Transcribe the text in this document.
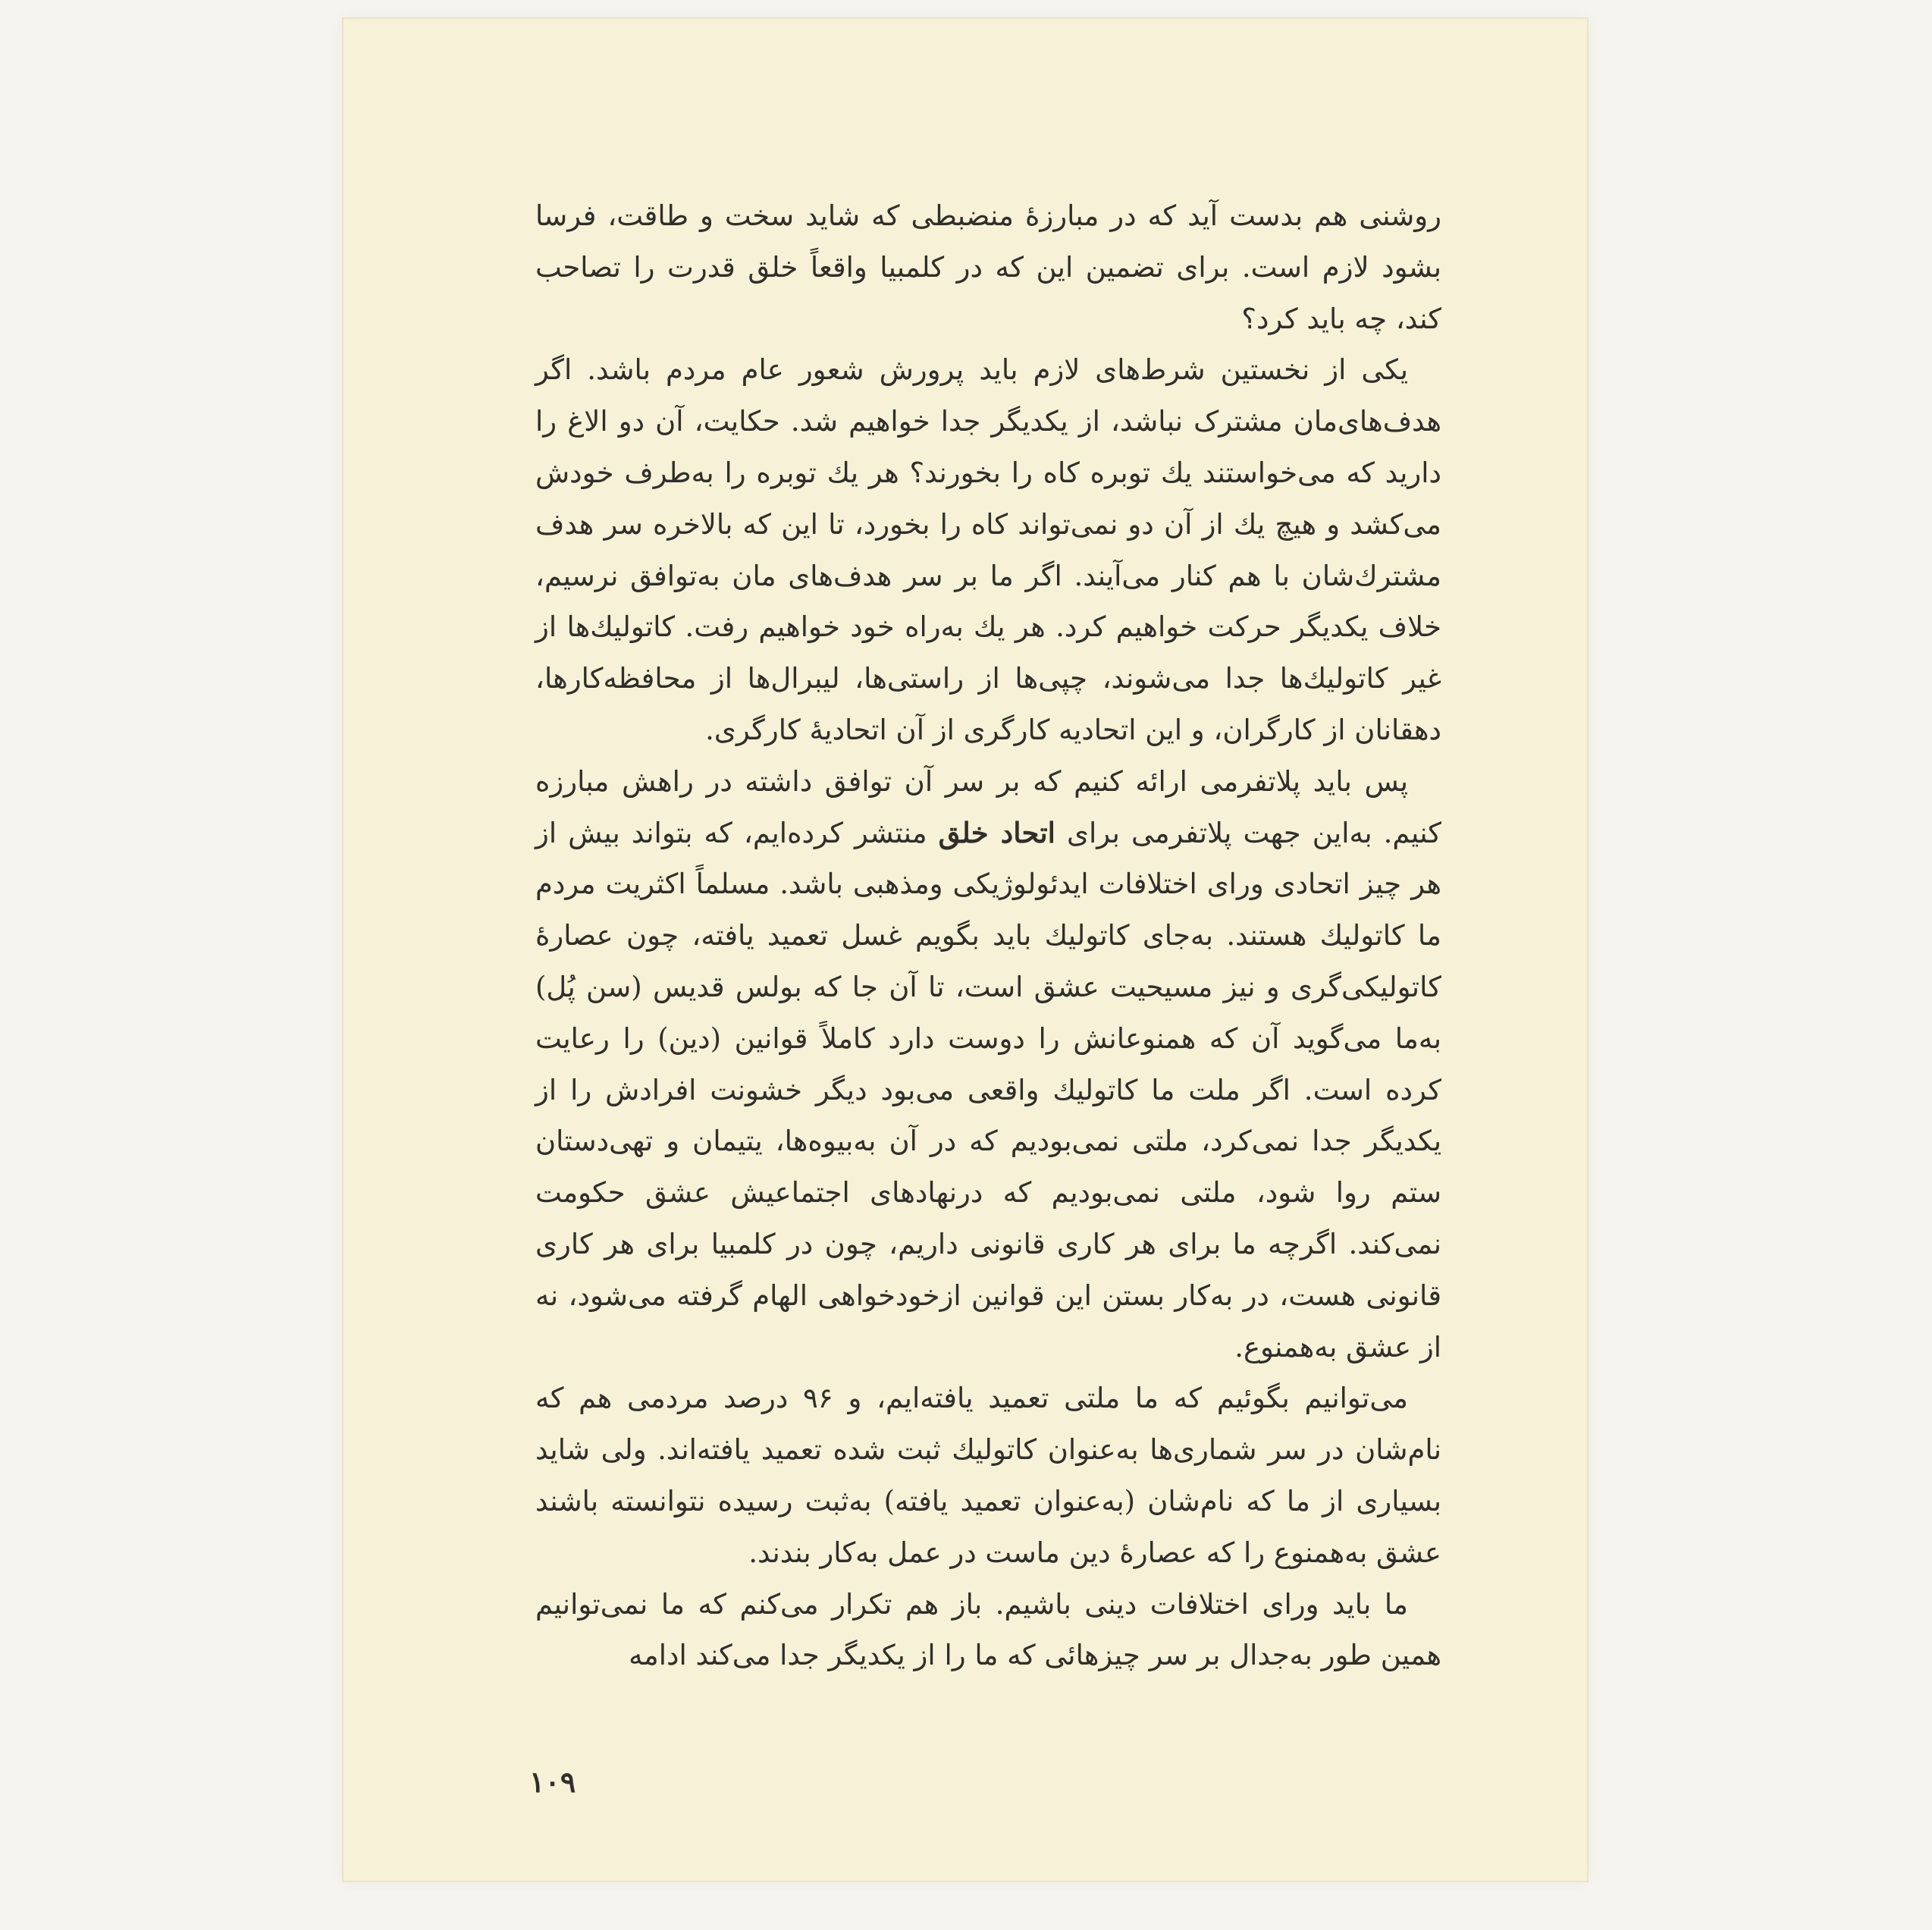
روشنی هم بدست آید که در مبارزهٔ منضبطی که شاید سخت و طاقت، فرسا بشود لازم است. برای تضمین این که در کلمبیا واقعاً خلق قدرت را تصاحب کند، چه باید کرد؟

یکی از نخستین شرط‌های لازم باید پرورش شعور عام مردم باشد. اگر هدف‌های‌مان مشترک نباشد، از یکدیگر جدا خواهیم شد. حکایت، آن دو الاغ را دارید که می‌خواستند یك توبره کاه را بخورند؟ هر یك توبره را به‌طرف خودش می‌کشد و هیچ یك از آن دو نمی‌تواند کاه را بخورد، تا این که بالاخره سر هدف مشترك‌شان با هم کنار می‌آیند. اگر ما بر سر هدف‌های مان به‌توافق نرسیم، خلاف یکدیگر حرکت خواهیم کرد. هر یك به‌راه خود خواهیم رفت. کاتولیك‌ها از غیر کاتولیك‌ها جدا می‌شوند، چپی‌ها از راستی‌ها، لیبرال‌ها از محافظه‌کارها، دهقانان از کارگران، و این اتحادیه کارگری از آن اتحادیهٔ کارگری.

پس باید پلاتفرمی ارائه کنیم که بر سر آن توافق داشته در راهش مبارزه کنیم. به‌این جهت پلاتفرمی برای اتحاد خلق منتشر کرده‌ایم، که بتواند بیش از هر چیز اتحادی ورای اختلافات ایدئولوژیکی ومذهبی باشد. مسلماً اکثریت مردم ما کاتولیك هستند. به‌جای کاتولیك باید بگویم غسل تعمید یافته، چون عصارهٔ کاتولیکی‌گری و نیز مسیحیت عشق است، تا آن جا که بولس قدیس (سن پُل) به‌ما می‌گوید آن که همنوعانش را دوست دارد کاملاً قوانین (دین) را رعایت کرده است. اگر ملت ما کاتولیك واقعی می‌بود دیگر خشونت افرادش را از یکدیگر جدا نمی‌کرد، ملتی نمی‌بودیم که در آن به‌بیوه‌ها، یتیمان و تهی‌دستان ستم روا شود، ملتی نمی‌بودیم که درنهادهای اجتماعیش عشق حکومت نمی‌کند. اگرچه ما برای هر کاری قانونی داریم، چون در کلمبیا برای هر کاری قانونی هست، در به‌کار بستن این قوانین ازخودخواهی الهام گرفته می‌شود، نه از عشق به‌همنوع.

می‌توانیم بگوئیم که ما ملتی تعمید یافته‌ایم، و ۹۶ درصد مردمی هم که نام‌شان در سر شماری‌ها به‌عنوان کاتولیك ثبت شده تعمید یافته‌اند. ولی شاید بسیاری از ما که نام‌شان (به‌عنوان تعمید یافته) به‌ثبت رسیده نتوانسته باشند عشق به‌همنوع را که عصارهٔ دین ماست در عمل به‌کار بندند.

ما باید ورای اختلافات دینی باشیم. باز هم تکرار می‌کنم که ما نمی‌توانیم همین طور به‌جدال بر سر چیزهائی که ما را از یکدیگر جدا می‌کند ادامه

۱۰۹
